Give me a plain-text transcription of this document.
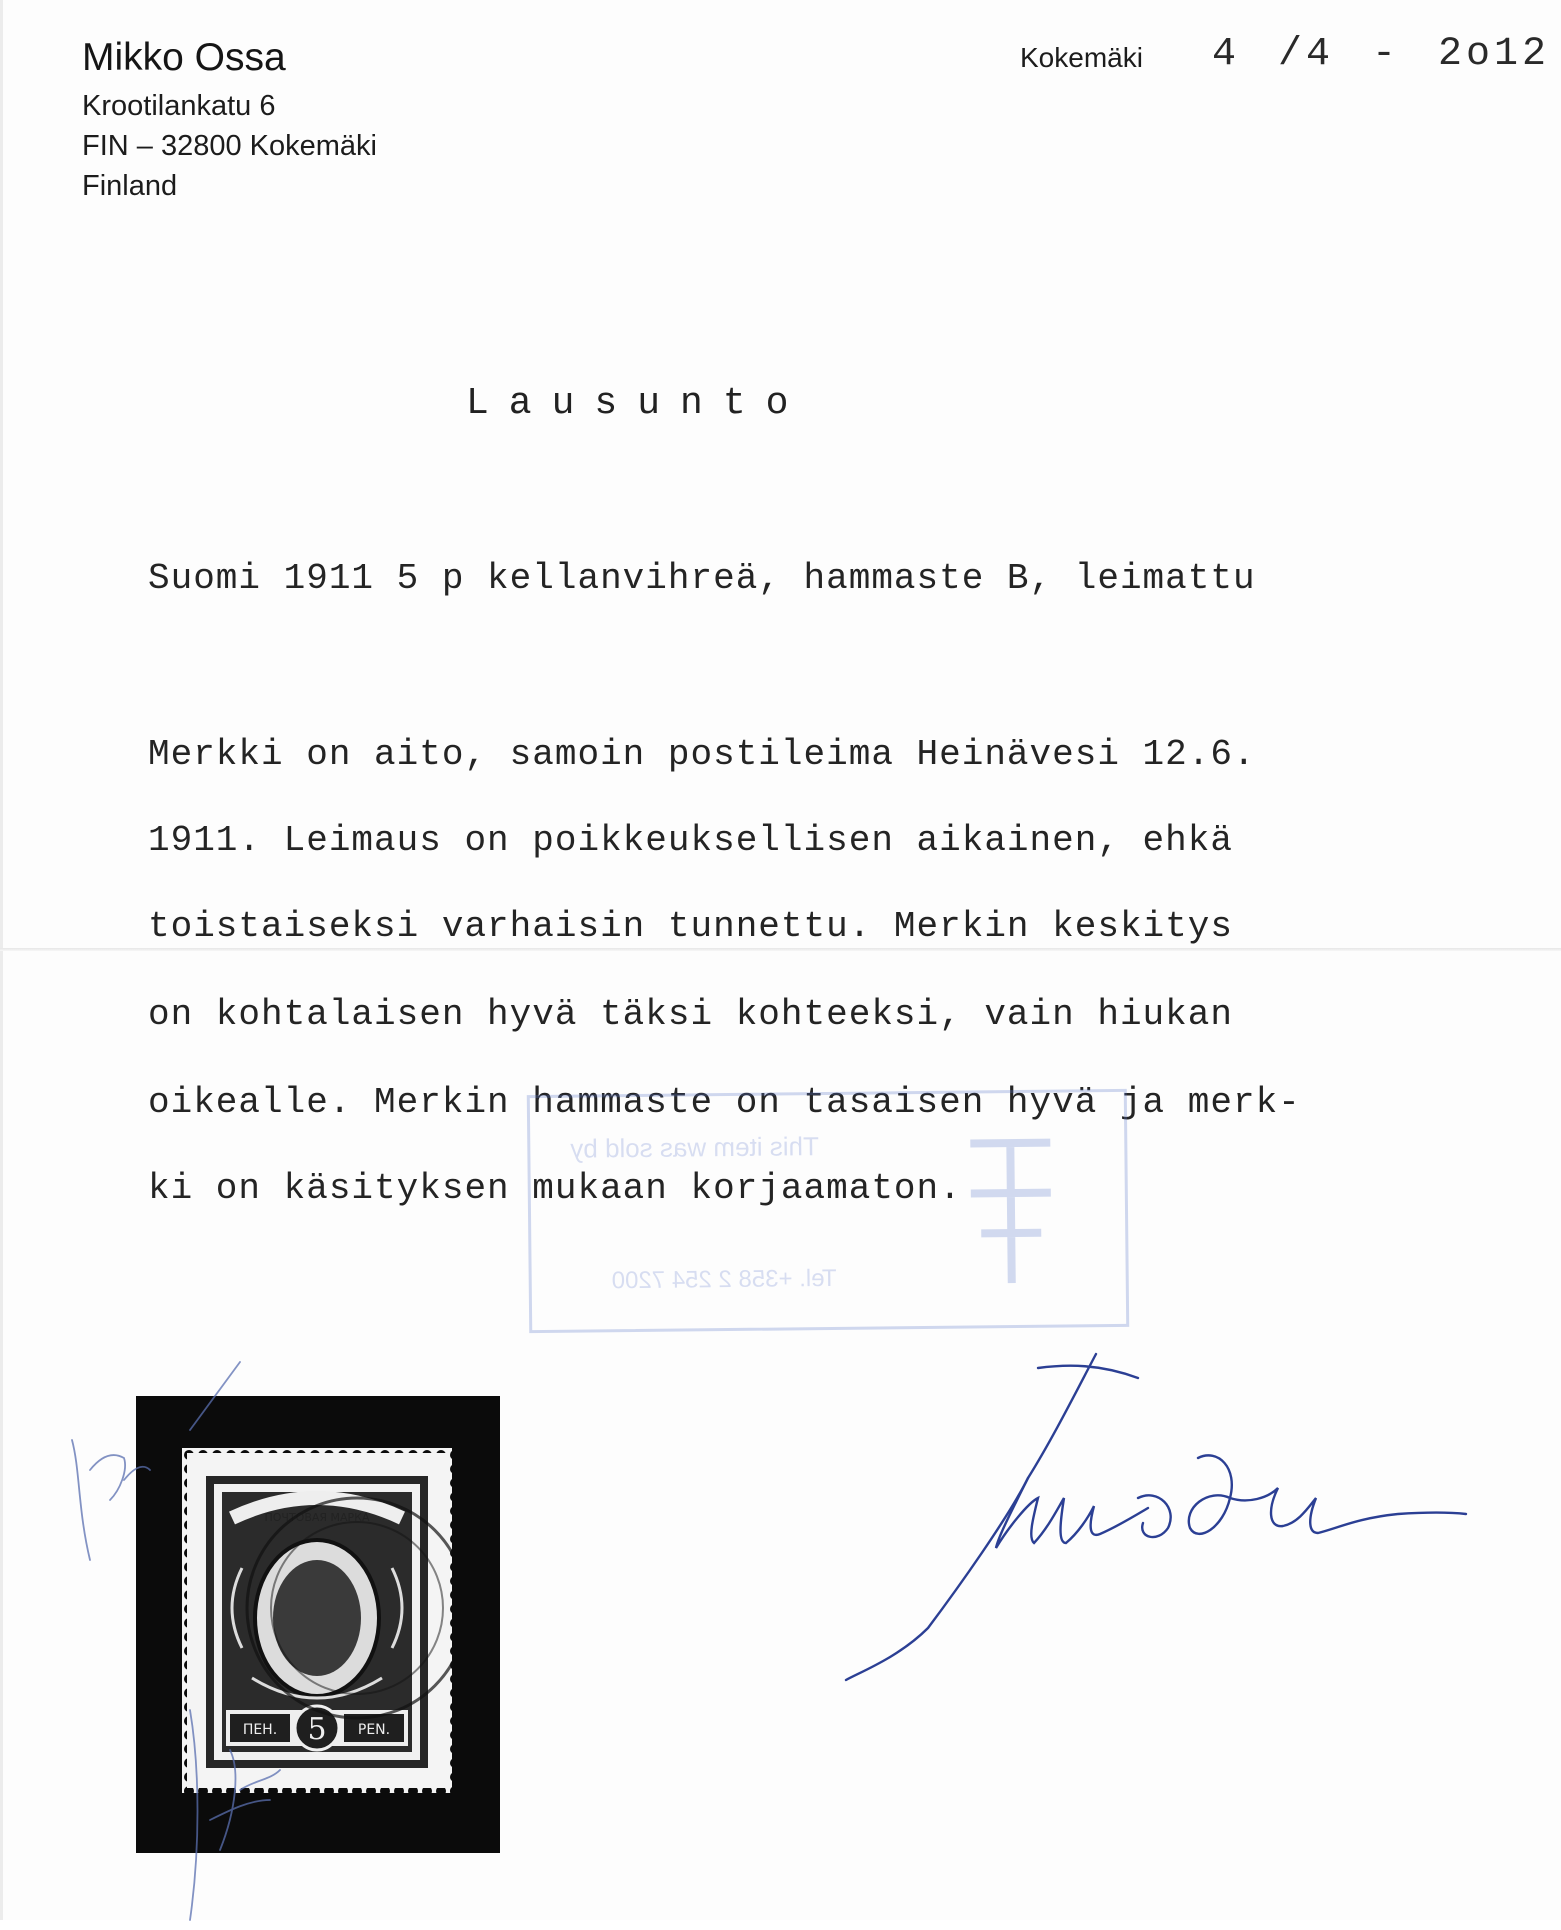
Mikko Ossa
Krootilankatu 6
FIN – 32800 Kokemäki
Finland
Kokemäki 4 /4 - 2o12
Lausunto
Suomi 1911 5 p kellanvihreä, hammaste B, leimattu
Merkki on aito, samoin postileima Heinävesi 12.6.
1911. Leimaus on poikkeuksellisen aikainen, ehkä
toistaiseksi varhaisin tunnettu. Merkin keskitys
on kohtalaisen hyvä täksi kohteeksi, vain hiukan
oikealle. Merkin hammaste on tasaisen hyvä ja merk-
ki on käsityksen mukaan korjaamaton.
This item was sold by
Tel. +358 2 254 7200
ПОЧТОВАЯ МАРКА
ПЕН.	PEN.
5
